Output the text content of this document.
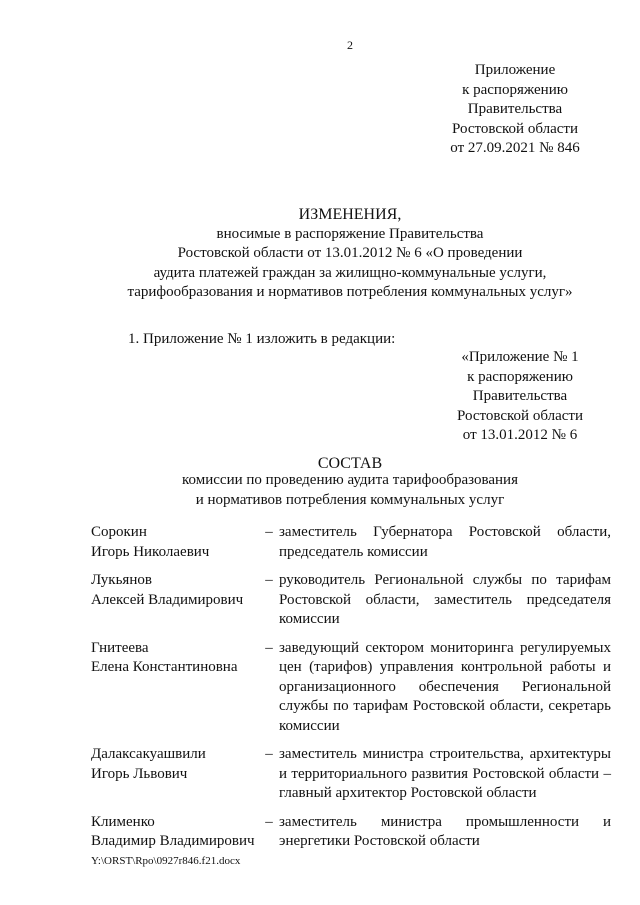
2
Приложение
к распоряжению
Правительства
Ростовской области
от 27.09.2021 № 846
ИЗМЕНЕНИЯ,
вносимые в распоряжение Правительства
Ростовской области от 13.01.2012 № 6 «О проведении
аудита платежей граждан за жилищно-коммунальные услуги,
тарифообразования и нормативов потребления коммунальных услуг»
1. Приложение № 1 изложить в редакции:
«Приложение № 1
к распоряжению
Правительства
Ростовской области
от 13.01.2012 № 6
СОСТАВ
комиссии по проведению аудита тарифообразования
и нормативов потребления коммунальных услуг
Сорокин
Игорь Николаевич
– заместитель Губернатора Ростовской области, председатель комиссии
Лукьянов
Алексей Владимирович
– руководитель Региональной службы по тарифам Ростовской области, заместитель председателя комиссии
Гнитеева
Елена Константиновна
– заведующий сектором мониторинга регулируемых цен (тарифов) управления контрольной работы и организационного обеспечения Региональной службы по тарифам Ростовской области, секретарь комиссии
Далаксакуашвили
Игорь Львович
– заместитель министра строительства, архитектуры и территориального развития Ростовской области – главный архитектор Ростовской области
Клименко
Владимир Владимирович
– заместитель министра промышленности и энергетики Ростовской области
Y:\ORST\Rpo\0927r846.f21.docx
